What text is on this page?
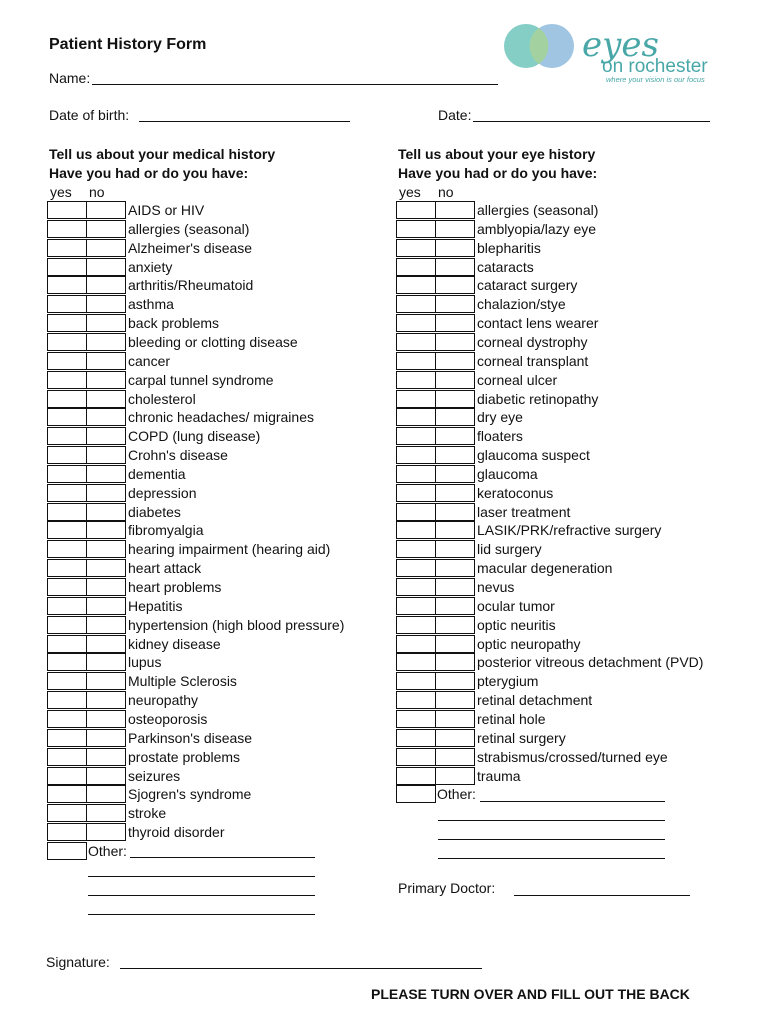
Patient History Form	eyes
on rochester
where your vision is our focus
Name:
Date of birth:	Date:
Tell us about your medical history
Have you had or do you have:
Tell us about your eye history
Have you had or do you have:
yes no
AIDS or HIV
allergies (seasonal)
Alzheimer's disease
anxiety
arthritis/Rheumatoid
asthma
back problems
bleeding or clotting disease
cancer
carpal tunnel syndrome
cholesterol
chronic headaches/ migraines
COPD (lung disease)
Crohn's disease
dementia
depression
diabetes
fibromyalgia
hearing impairment (hearing aid)
heart attack
heart problems
Hepatitis
hypertension (high blood pressure)
kidney disease
lupus
Multiple Sclerosis
neuropathy
osteoporosis
Parkinson's disease
prostate problems
seizures
Sjogren's syndrome
stroke
thyroid disorder
Other:
yes no
allergies (seasonal)
amblyopia/lazy eye
blepharitis
cataracts
cataract surgery
chalazion/stye
contact lens wearer
corneal dystrophy
corneal transplant
corneal ulcer
diabetic retinopathy
dry eye
floaters
glaucoma suspect
glaucoma
keratoconus
laser treatment
LASIK/PRK/refractive surgery
lid surgery
macular degeneration
nevus
ocular tumor
optic neuritis
optic neuropathy
posterior vitreous detachment (PVD)
pterygium
retinal detachment
retinal hole
retinal surgery
strabismus/crossed/turned eye
trauma
Other:
Primary Doctor:
Signature:
PLEASE TURN OVER AND FILL OUT THE BACK
